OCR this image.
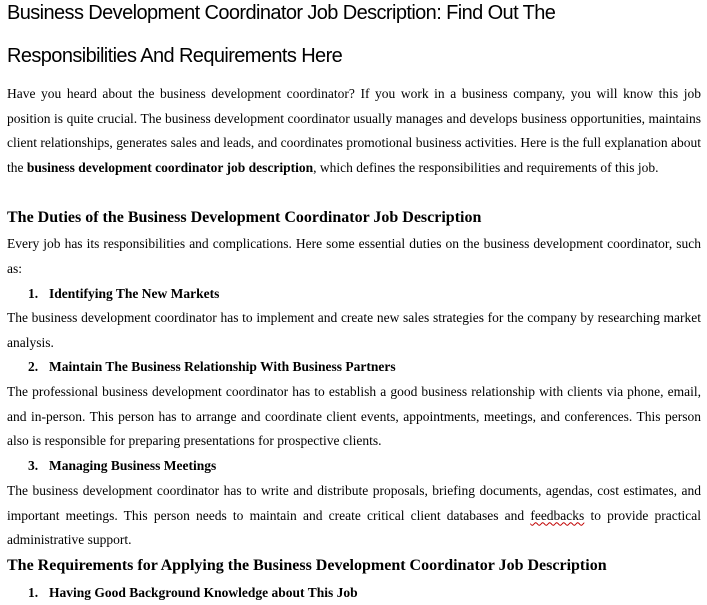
Business Development Coordinator Job Description: Find Out The
Responsibilities And Requirements Here

Have you heard about the business development coordinator? If you work in a business company, you will know this job position is quite crucial. The business development coordinator usually manages and develops business opportunities, maintains client relationships, generates sales and leads, and coordinates promotional business activities. Here is the full explanation about the business development coordinator job description, which defines the responsibilities and requirements of this job.

The Duties of the Business Development Coordinator Job Description

Every job has its responsibilities and complications. Here some essential duties on the business development coordinator, such as:

1. Identifying The New Markets

The business development coordinator has to implement and create new sales strategies for the company by researching market analysis.

2. Maintain The Business Relationship With Business Partners

The professional business development coordinator has to establish a good business relationship with clients via phone, email, and in-person. This person has to arrange and coordinate client events, appointments, meetings, and conferences. This person also is responsible for preparing presentations for prospective clients.

3. Managing Business Meetings

The business development coordinator has to write and distribute proposals, briefing documents, agendas, cost estimates, and important meetings. This person needs to maintain and create critical client databases and feedbacks to provide practical administrative support.

The Requirements for Applying the Business Development Coordinator Job Description
1. Having Good Background Knowledge about This Job
